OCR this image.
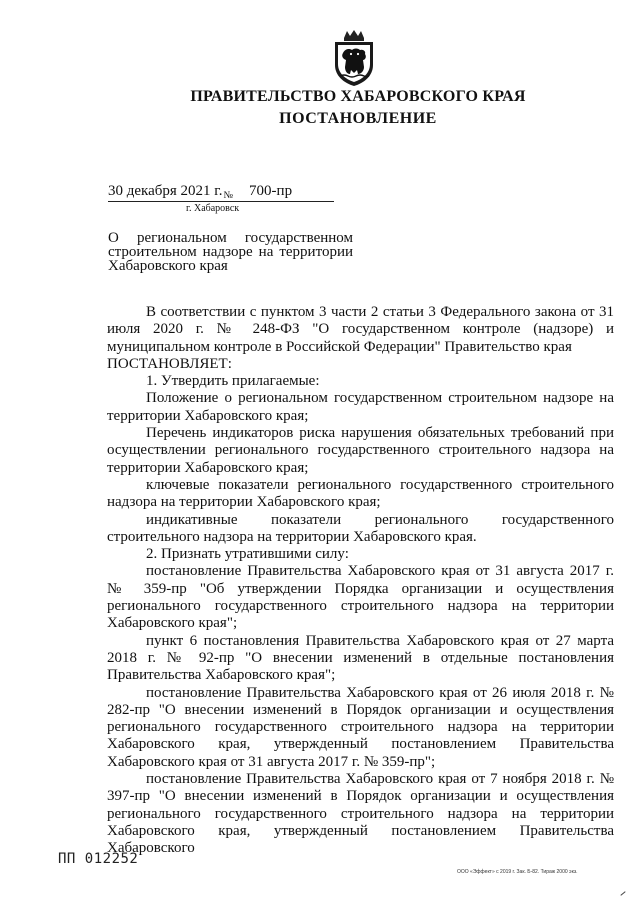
ПРАВИТЕЛЬСТВО ХАБАРОВСКОГО КРАЯ
ПОСТАНОВЛЕНИЕ
30 декабря 2021 $г._№$ 700-пр
г. Хабаровск
О региональном государственном строительном надзоре на территории Хабаровского края

В соответствии с пунктом 3 части 2 статьи 3 Федерального закона от 31 июля 2020 г. № 248-ФЗ "О государственном контроле (надзоре) и муниципальном контроле в Российской Федерации" Правительство края

ПОСТАНОВЛЯЕТ:

1. Утвердить прилагаемые:

Положение о региональном государственном строительном надзоре на территории Хабаровского края;

Перечень индикаторов риска нарушения обязательных требований при осуществлении регионального государственного строительного надзора на территории Хабаровского края;

ключевые показатели регионального государственного строительного надзора на территории Хабаровского края;

индикативные показатели регионального государственного строительного надзора на территории Хабаровского края.

2. Признать утратившими силу:

постановление Правительства Хабаровского края от 31 августа 2017 г. № 359-пр "Об утверждении Порядка организации и осуществления регионального государственного строительного надзора на территории Хабаровского края";

пункт 6 постановления Правительства Хабаровского края от 27 марта 2018 г. № 92-пр "О внесении изменений в отдельные постановления Правительства Хабаровского края";

постановление Правительства Хабаровского края от 26 июля 2018 г. № 282-пр "О внесении изменений в Порядок организации и осуществления регионального государственного строительного надзора на территории Хабаровского края, утвержденный постановлением Правительства Хабаровского края от 31 августа 2017 г. № 359-пр";

постановление Правительства Хабаровского края от 7 ноября 2018 г. № 397-пр "О внесении изменений в Порядок организации и осуществления регионального государственного строительного надзора на территории Хабаровского края, утвержденный постановлением Правительства Хабаровского

ПП 012252
ООО «Эффект» с 2019 г. Зак. Б-82. Тираж 2000 экз.
